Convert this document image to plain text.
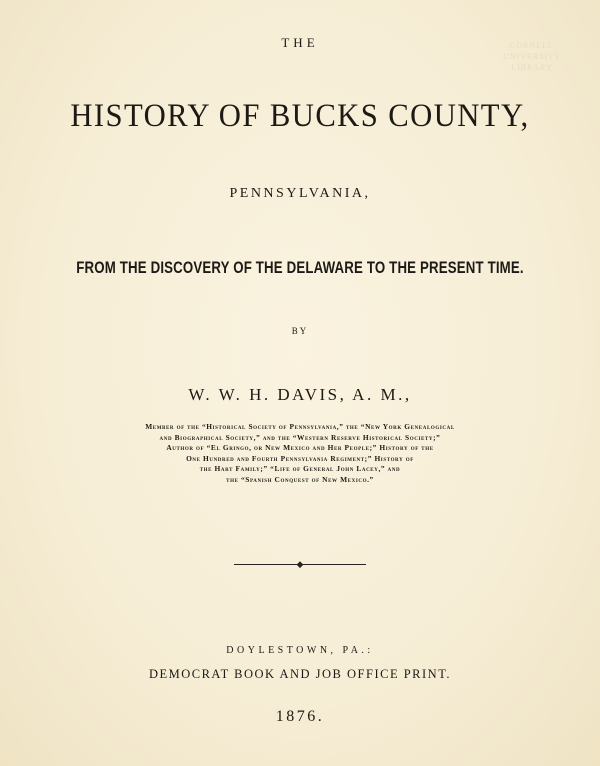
CORNELL
UNIVERSITY
LIBRARY
THE
HISTORY OF BUCKS COUNTY,
PENNSYLVANIA,
FROM THE DISCOVERY OF THE DELAWARE TO THE PRESENT TIME.
BY
W. W. H. DAVIS, A. M.,
Member of the “Historical Society of Pennsylvania,” the “New York Genealogical
and Biographical Society,” and the “Western Reserve Historical Society;”
Author of “El Gringo, or New Mexico and Her People;” History of the
One Hundred and Fourth Pennsylvania Regiment;” History of
the Hart Family;” “Life of General John Lacey,” and
the “Spanish Conquest of New Mexico.”
◆
DOYLESTOWN, PA.:
DEMOCRAT BOOK AND JOB OFFICE PRINT.
1876.
